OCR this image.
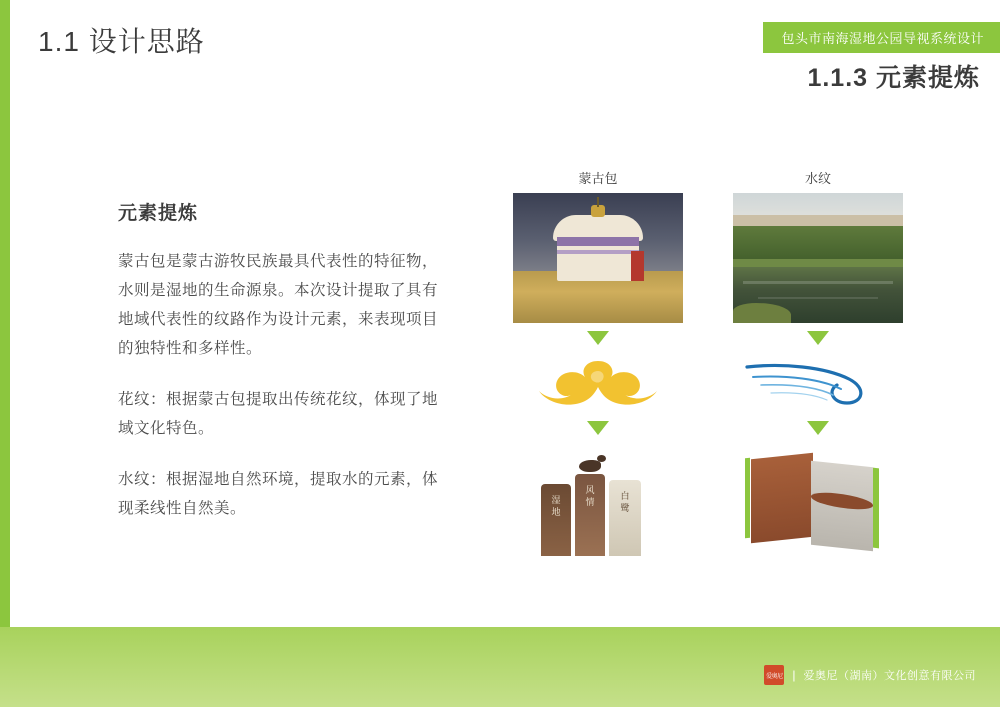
1.1 设计思路	包头市南海湿地公园导视系统设计
1.1.3 元素提炼
元素提炼

蒙古包是蒙古游牧民族最具代表性的特征物，水则是湿地的生命源泉。本次设计提取了具有地域代表性的纹路作为设计元素，来表现项目的独特性和多样性。

花纹：根据蒙古包提取出传统花纹，体现了地域文化特色。

水纹：根据湿地自然环境，提取水的元素，体现柔线性自然美。

蒙古包	水纹
湿
地
风
情
白
鹭
爱奥尼 | 爱奥尼（湖南）文化创意有限公司
